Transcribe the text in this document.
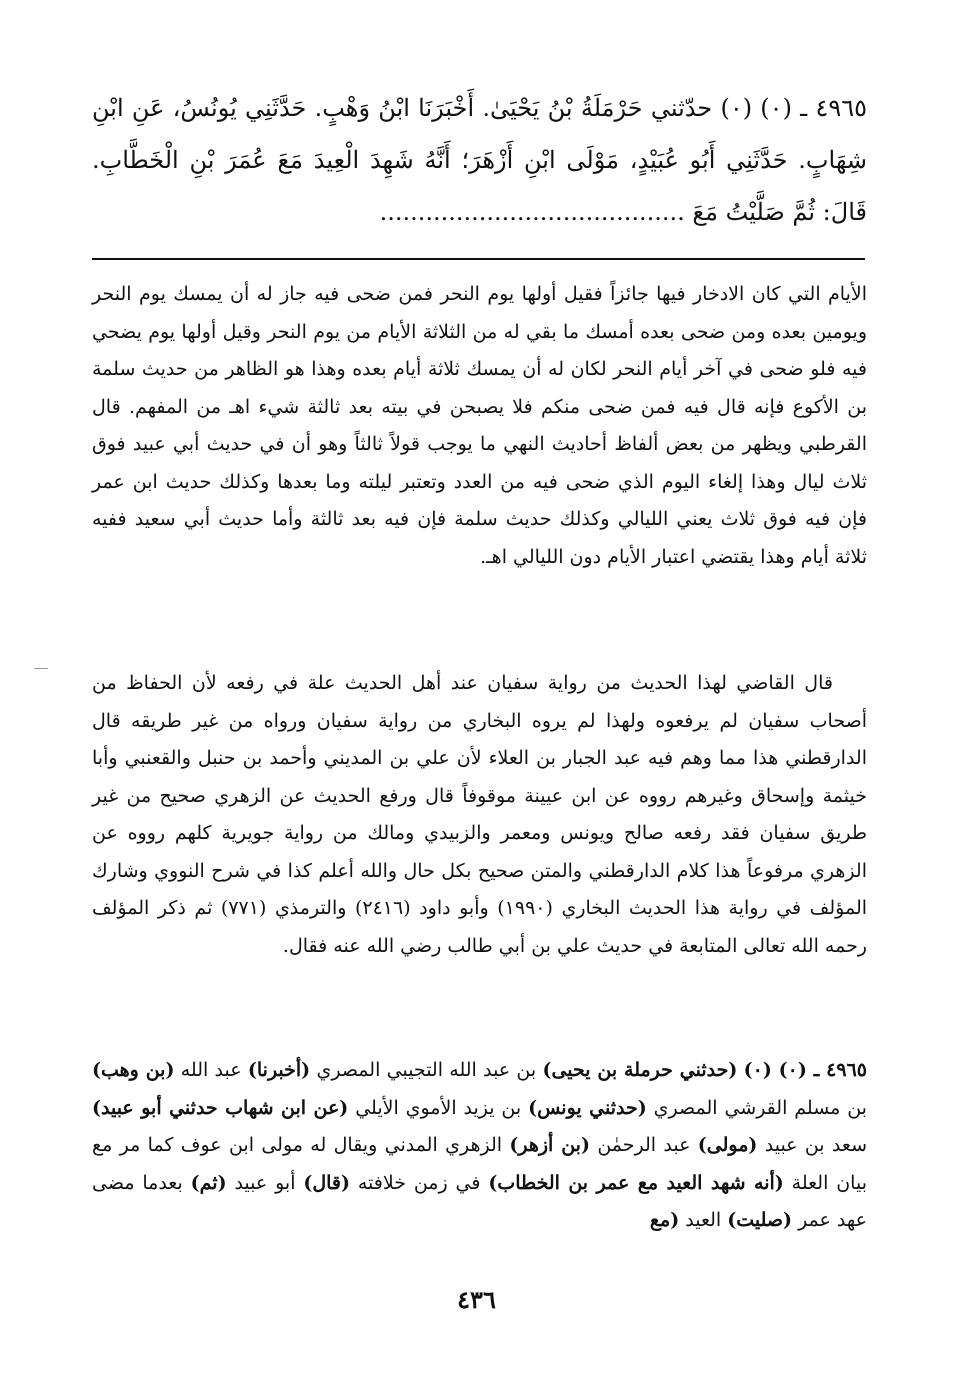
٤٩٦٥ ـ (٠) (٠) حدّثني حَرْمَلَةُ بْنُ يَحْيَىٰ. أَخْبَرَنَا ابْنُ وَهْبٍ. حَدَّثَنِي يُونُسُ، عَنِ ابْنِ شِهَابٍ. حَدَّثَنِي أَبُو عُبَيْدٍ، مَوْلَى ابْنِ أَزْهَرَ؛ أَنَّهُ شَهِدَ الْعِيدَ مَعَ عُمَرَ بْنِ الْخَطَّابِ. قَالَ: ثُمَّ صَلَّيْتُ مَعَ ........................................
الأيام التي كان الادخار فيها جائزاً فقيل أولها يوم النحر فمن ضحى فيه جاز له أن يمسك يوم النحر ويومين بعده ومن ضحى بعده أمسك ما بقي له من الثلاثة الأيام من يوم النحر وقيل أولها يوم يضحي فيه فلو ضحى في آخر أيام النحر لكان له أن يمسك ثلاثة أيام بعده وهذا هو الظاهر من حديث سلمة بن الأكوع فإنه قال فيه فمن ضحى منكم فلا يصبحن في بيته بعد ثالثة شيء اهـ من المفهم. قال القرطبي ويظهر من بعض ألفاظ أحاديث النهي ما يوجب قولاً ثالثاً وهو أن في حديث أبي عبيد فوق ثلاث ليال وهذا إلغاء اليوم الذي ضحى فيه من العدد وتعتبر ليلته وما بعدها وكذلك حديث ابن عمر فإن فيه فوق ثلاث يعني الليالي وكذلك حديث سلمة فإن فيه بعد ثالثة وأما حديث أبي سعيد ففيه ثلاثة أيام وهذا يقتضي اعتبار الأيام دون الليالي اهـ.
قال القاضي لهذا الحديث من رواية سفيان عند أهل الحديث علة في رفعه لأن الحفاظ من أصحاب سفيان لم يرفعوه ولهذا لم يروه البخاري من رواية سفيان ورواه من غير طريقه قال الدارقطني هذا مما وهم فيه عبد الجبار بن العلاء لأن علي بن المديني وأحمد بن حنبل والقعنبي وأبا خيثمة وإسحاق وغيرهم رووه عن ابن عيينة موقوفاً قال ورفع الحديث عن الزهري صحيح من غير طريق سفيان فقد رفعه صالح ويونس ومعمر والزبيدي ومالك من رواية جويرية كلهم رووه عن الزهري مرفوعاً هذا كلام الدارقطني والمتن صحيح بكل حال والله أعلم كذا في شرح النووي وشارك المؤلف في رواية هذا الحديث البخاري (١٩٩٠) وأبو داود (٢٤١٦) والترمذي (٧٧١) ثم ذكر المؤلف رحمه الله تعالى المتابعة في حديث علي بن أبي طالب رضي الله عنه فقال.
٤٩٦٥ ـ (٠) (٠) (حدثني حرملة بن يحيى) بن عبد الله التجيبي المصري (أخبرنا) عبد الله (بن وهب) بن مسلم القرشي المصري (حدثني يونس) بن يزيد الأموي الأيلي (عن ابن شهاب حدثني أبو عبيد) سعد بن عبيد (مولى) عبد الرحمٰن (بن أزهر) الزهري المدني ويقال له مولى ابن عوف كما مر مع بيان العلة (أنه شهد العيد مع عمر بن الخطاب) في زمن خلافته (قال) أبو عبيد (ثم) بعدما مضى عهد عمر (صليت) العيد (مع
٤٣٦
